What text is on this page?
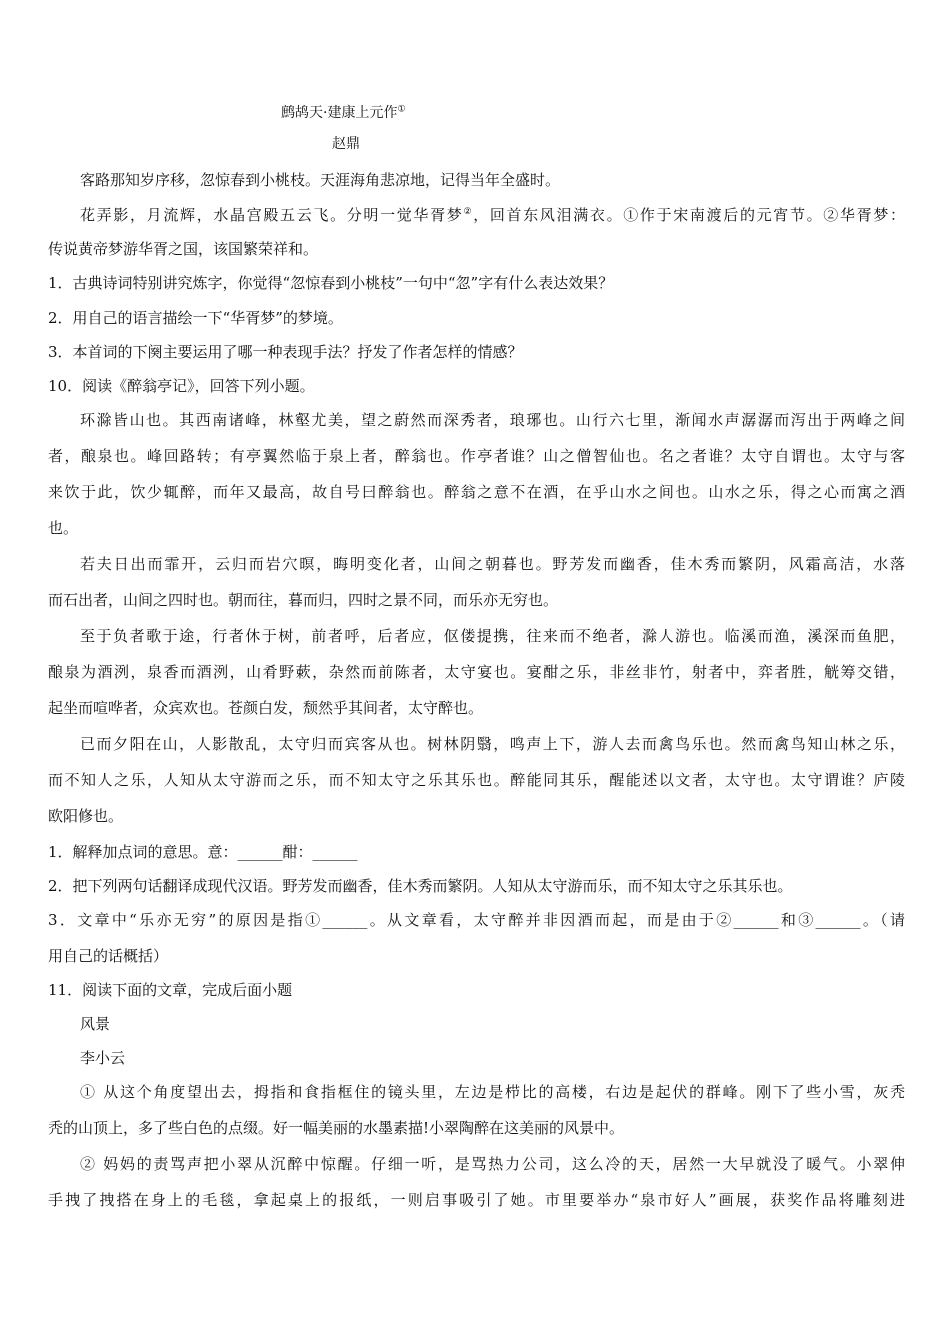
鹧鸪天·建康上元作①
赵鼎
客路那知岁序移，忽惊春到小桃枝。天涯海角悲凉地，记得当年全盛时。
花弄影，月流辉，水晶宫殿五云飞。分明一觉华胥梦②，回首东风泪满衣。①作于宋南渡后的元宵节。②华胥梦：
传说黄帝梦游华胥之国，该国繁荣祥和。
1．古典诗词特别讲究炼字，你觉得“忽惊春到小桃枝”一句中“忽”字有什么表达效果？
2．用自己的语言描绘一下“华胥梦”的梦境。
3．本首词的下阕主要运用了哪一种表现手法？抒发了作者怎样的情感？
10．阅读《醉翁亭记》，回答下列小题。
环滁皆山也。其西南诸峰，林壑尤美，望之蔚然而深秀者，琅琊也。山行六七里，渐闻水声潺潺而泻出于两峰之间
者，酿泉也。峰回路转；有亭翼然临于泉上者，醉翁也。作亭者谁？山之僧智仙也。名之者谁？太守自谓也。太守与客
来饮于此，饮少辄醉，而年又最高，故自号曰醉翁也。醉翁之意不在酒，在乎山水之间也。山水之乐，得之心而寓之酒
也。
若夫日出而霏开，云归而岩穴暝，晦明变化者，山间之朝暮也。野芳发而幽香，佳木秀而繁阴，风霜高洁，水落
而石出者，山间之四时也。朝而往，暮而归，四时之景不同，而乐亦无穷也。
至于负者歌于途，行者休于树，前者呼，后者应，伛偻提携，往来而不绝者，滁人游也。临溪而渔，溪深而鱼肥，
酿泉为酒洌，泉香而酒洌，山肴野蔌，杂然而前陈者，太守宴也。宴酣之乐，非丝非竹，射者中，弈者胜，觥筹交错，
起坐而喧哗者，众宾欢也。苍颜白发，颓然乎其间者，太守醉也。
已而夕阳在山，人影散乱，太守归而宾客从也。树林阴翳，鸣声上下，游人去而禽鸟乐也。然而禽鸟知山林之乐，
而不知人之乐，人知从太守游而之乐，而不知太守之乐其乐也。醉能同其乐，醒能述以文者，太守也。太守谓谁？庐陵
欧阳修也。
1．解释加点词的意思。意：______酣：______
2．把下列两句话翻译成现代汉语。野芳发而幽香，佳木秀而繁阴。人知从太守游而乐，而不知太守之乐其乐也。
3．文章中“乐亦无穷”的原因是指①______。从文章看，太守醉并非因酒而起，而是由于②______和③______。（请
用自己的话概括）
11．阅读下面的文章，完成后面小题
风景
李小云
① 从这个角度望出去，拇指和食指框住的镜头里，左边是栉比的高楼，右边是起伏的群峰。刚下了些小雪，灰秃
秃的山顶上，多了些白色的点缀。好一幅美丽的水墨素描!小翠陶醉在这美丽的风景中。
② 妈妈的责骂声把小翠从沉醉中惊醒。仔细一听，是骂热力公司，这么冷的天，居然一大早就没了暖气。小翠伸
手拽了拽搭在身上的毛毯，拿起桌上的报纸，一则启事吸引了她。市里要举办“泉市好人”画展，获奖作品将雕刻进
